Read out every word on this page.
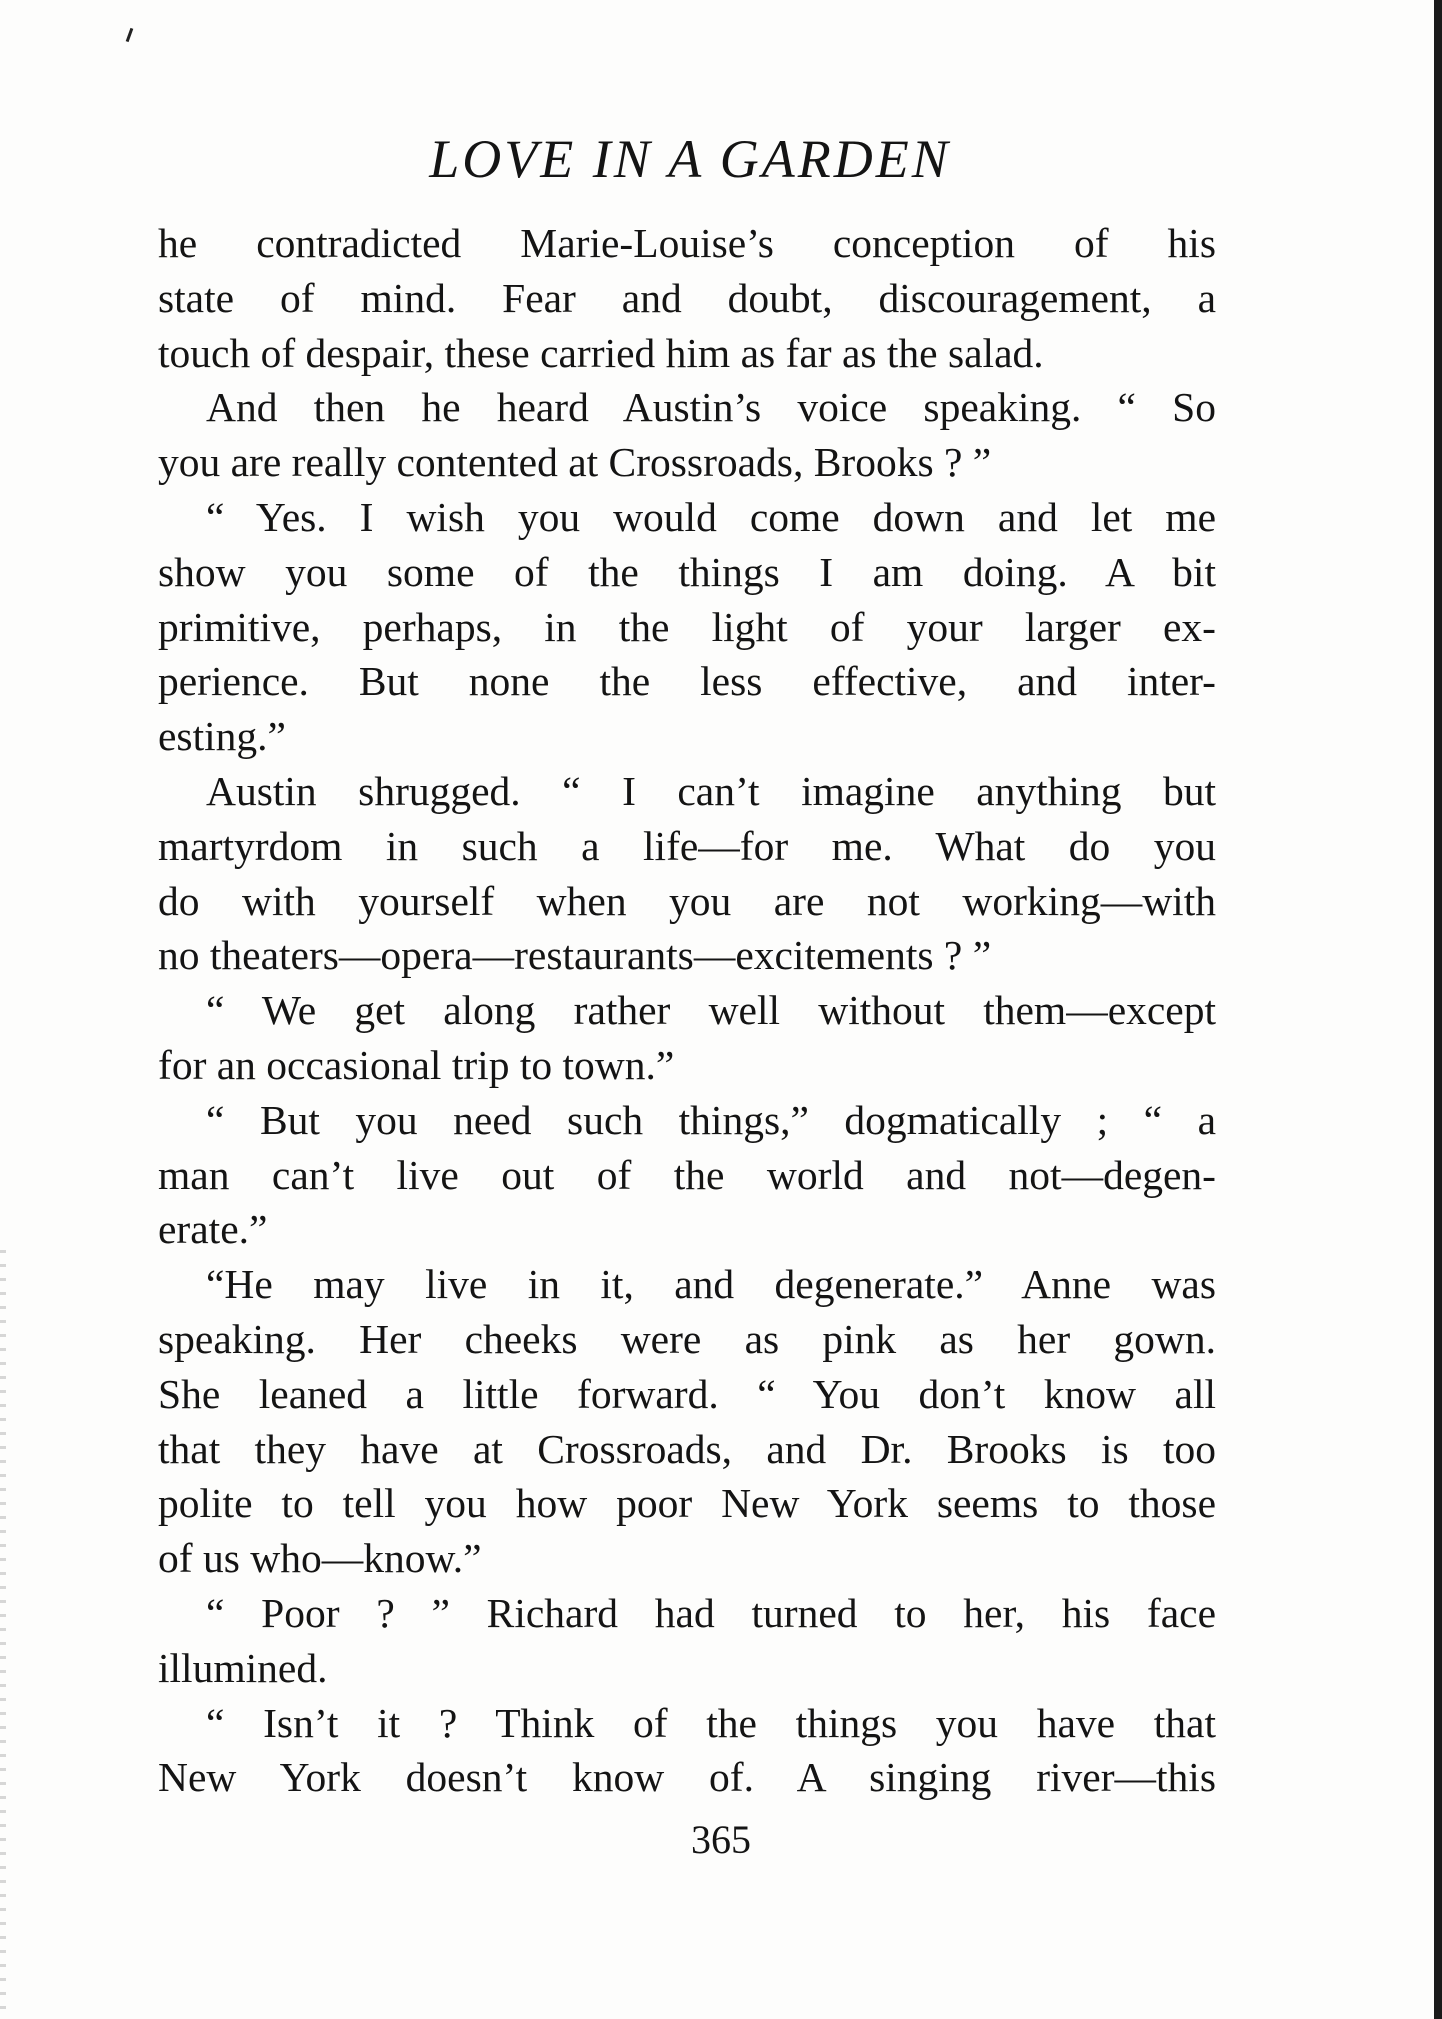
LOVE IN A GARDEN
he contradicted Marie-Louise’s conception of his
state of mind. Fear and doubt, discouragement, a
touch of despair, these carried him as far as the salad.
And then he heard Austin’s voice speaking. “ So
you are really contented at Crossroads, Brooks ? ”
“ Yes. I wish you would come down and let me
show you some of the things I am doing. A bit
primitive, perhaps, in the light of your larger ex-
perience. But none the less effective, and inter-
esting.”
Austin shrugged. “ I can’t imagine anything but
martyrdom in such a life—for me. What do you
do with yourself when you are not working—with
no theaters—opera—restaurants—excitements ? ”
“ We get along rather well without them—except
for an occasional trip to town.”
“ But you need such things,” dogmatically ; “ a
man can’t live out of the world and not—degen-
erate.”
“He may live in it, and degenerate.” Anne was
speaking. Her cheeks were as pink as her gown.
She leaned a little forward. “ You don’t know all
that they have at Crossroads, and Dr. Brooks is too
polite to tell you how poor New York seems to those
of us who—know.”
“ Poor ? ” Richard had turned to her, his face
illumined.
“ Isn’t it ? Think of the things you have that
New York doesn’t know of. A singing river—this
365
